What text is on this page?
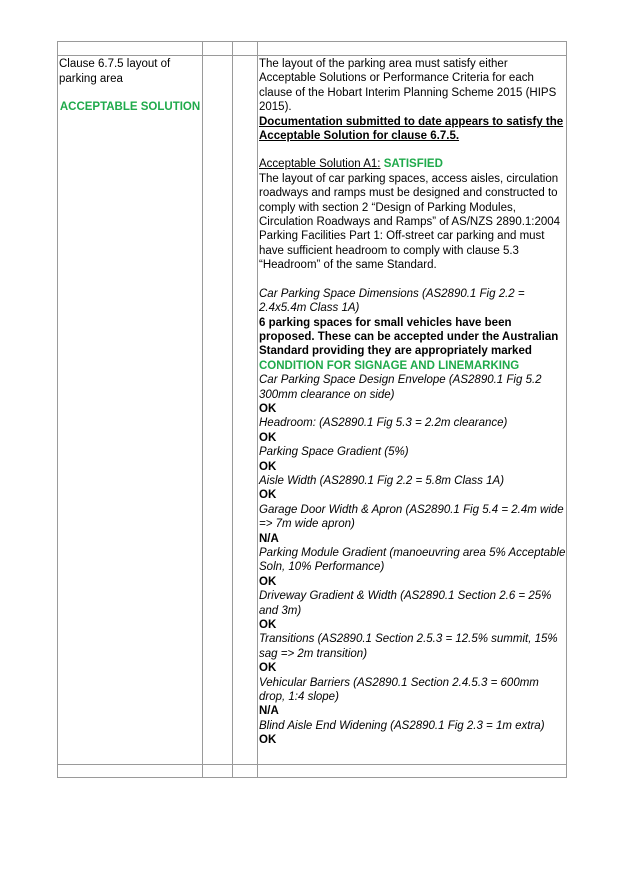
Clause 6.7.5 layout of parking area
ACCEPTABLE SOLUTION

The layout of the parking area must satisfy either Acceptable Solutions or Performance Criteria for each clause of the Hobart Interim Planning Scheme 2015 (HIPS 2015).

Documentation submitted to date appears to satisfy the Acceptable Solution for clause 6.7.5.

Acceptable Solution A1: SATISFIED

The layout of car parking spaces, access aisles, circulation roadways and ramps must be designed and constructed to comply with section 2 “Design of Parking Modules, Circulation Roadways and Ramps” of AS/NZS 2890.1:2004 Parking Facilities Part 1: Off-street car parking and must have sufficient headroom to comply with clause 5.3 “Headroom” of the same Standard.

Car Parking Space Dimensions (AS2890.1 Fig 2.2 = 2.4x5.4m Class 1A)

6 parking spaces for small vehicles have been proposed. These can be accepted under the Australian Standard providing they are appropriately marked CONDITION FOR SIGNAGE AND LINEMARKING

Car Parking Space Design Envelope (AS2890.1 Fig 5.2 300mm clearance on side)

OK

Headroom: (AS2890.1 Fig 5.3 = 2.2m clearance)

OK

Parking Space Gradient (5%)

OK

Aisle Width (AS2890.1 Fig 2.2 = 5.8m Class 1A)

OK

Garage Door Width & Apron (AS2890.1 Fig 5.4 = 2.4m wide => 7m wide apron)

N/A

Parking Module Gradient (manoeuvring area 5% Acceptable Soln, 10% Performance)

OK

Driveway Gradient & Width (AS2890.1 Section 2.6 = 25% and 3m)

OK

Transitions (AS2890.1 Section 2.5.3 = 12.5% summit, 15% sag => 2m transition)

OK

Vehicular Barriers (AS2890.1 Section 2.4.5.3 = 600mm drop, 1:4 slope)

N/A

Blind Aisle End Widening (AS2890.1 Fig 2.3 = 1m extra)

OK
